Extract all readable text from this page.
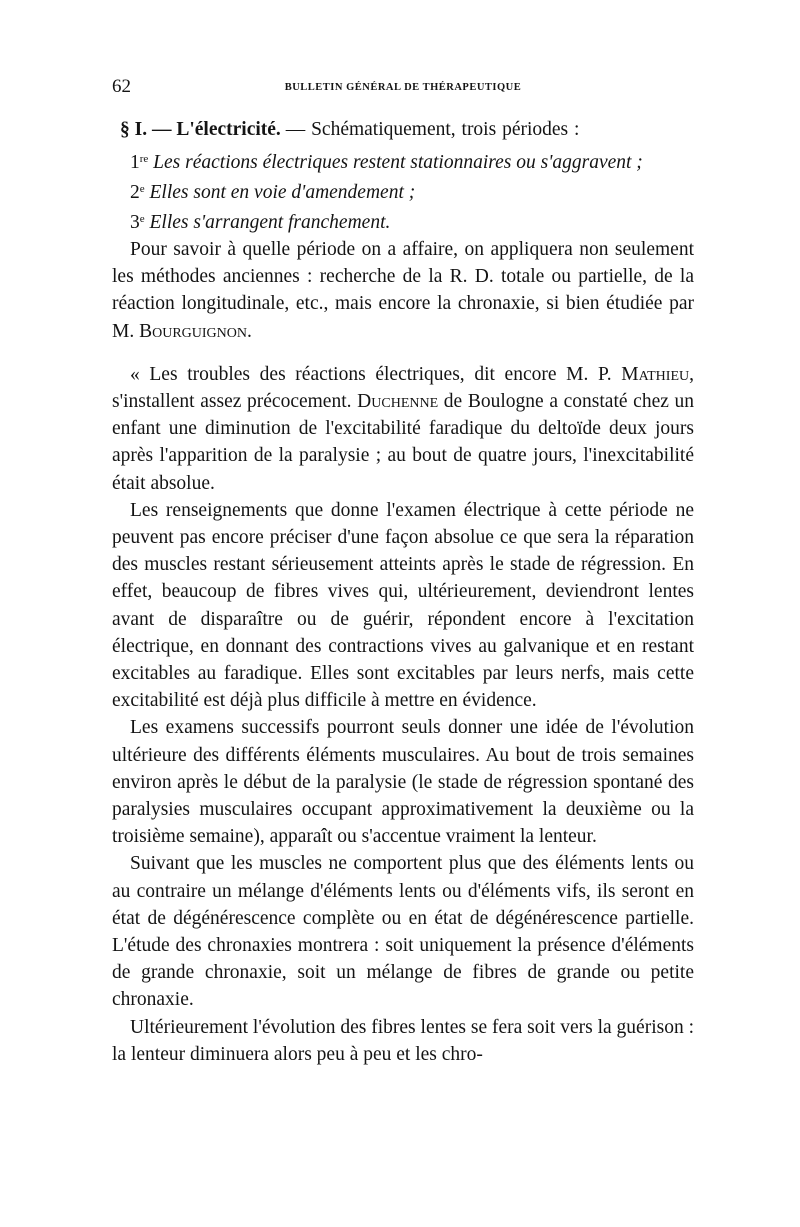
62	BULLETIN GÉNÉRAL DE THÉRAPEUTIQUE
§ I. — L'électricité. — Schématiquement, trois périodes :
1re Les réactions électriques restent stationnaires ou s'aggravent ;
2e Elles sont en voie d'amendement ;
3e Elles s'arrangent franchement.

Pour savoir à quelle période on a affaire, on appliquera non seulement les méthodes anciennes : recherche de la R. D. totale ou partielle, de la réaction longitudinale, etc., mais encore la chronaxie, si bien étudiée par M. Bourguignon.

« Les troubles des réactions électriques, dit encore M. P. Mathieu, s'installent assez précocement. Duchenne de Boulogne a constaté chez un enfant une diminution de l'excitabilité faradique du deltoïde deux jours après l'apparition de la paralysie ; au bout de quatre jours, l'inexcitabilité était absolue.

Les renseignements que donne l'examen électrique à cette période ne peuvent pas encore préciser d'une façon absolue ce que sera la réparation des muscles restant sérieusement atteints après le stade de régression. En effet, beaucoup de fibres vives qui, ultérieurement, deviendront lentes avant de disparaître ou de guérir, répondent encore à l'excitation électrique, en donnant des contractions vives au galvanique et en restant excitables au faradique. Elles sont excitables par leurs nerfs, mais cette excitabilité est déjà plus difficile à mettre en évidence.

Les examens successifs pourront seuls donner une idée de l'évolution ultérieure des différents éléments musculaires. Au bout de trois semaines environ après le début de la paralysie (le stade de régression spontané des paralysies musculaires occupant approximativement la deuxième ou la troisième semaine), apparaît ou s'accentue vraiment la lenteur.

Suivant que les muscles ne comportent plus que des éléments lents ou au contraire un mélange d'éléments lents ou d'éléments vifs, ils seront en état de dégénérescence complète ou en état de dégénérescence partielle. L'étude des chronaxies montrera : soit uniquement la présence d'éléments de grande chronaxie, soit un mélange de fibres de grande ou petite chronaxie.

Ultérieurement l'évolution des fibres lentes se fera soit vers la guérison : la lenteur diminuera alors peu à peu et les chro-
